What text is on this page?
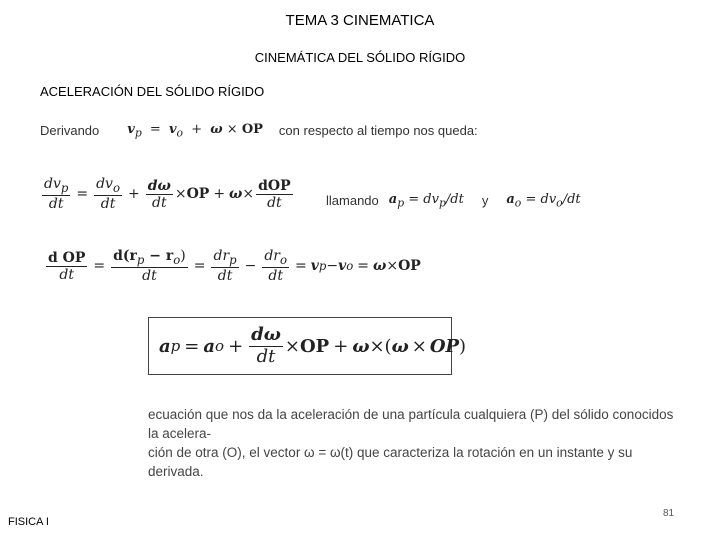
TEMA 3 CINEMATICA
CINEMÁTICA DEL SÓLIDO RÍGIDO
ACELERACIÓN DEL SÓLIDO RÍGIDO
Derivando $v_p = v_o + \omega$ × OP con respecto al tiempo nos queda:
$\frac{dv_p}{dt} = \frac{dv_o}{dt} + \frac{d\omega}{dt}$ × OP + $\omega \times \frac{\text{dOP}}{dt}$	llamando $a_p = dv_p/dt$ y $a_o = dv_o/dt$
$\frac{\text{d OP}}{dt} = \frac{d(r_p - r_o)}{dt} = \frac{dr_p}{dt} - \frac{dr_o}{dt} = v$ p − v o = ω × OP
a p = a $o + \frac{d\omega}{dt}$ × OP + ω × ( ω × OP )
ecuación que nos da la aceleración de una partícula cualquiera (P) del sólido conocidos la acelera-
ción de otra (O), el vector ω = ω(t) que caracteriza la rotación en un instante y su derivada.
FISICA I
81
